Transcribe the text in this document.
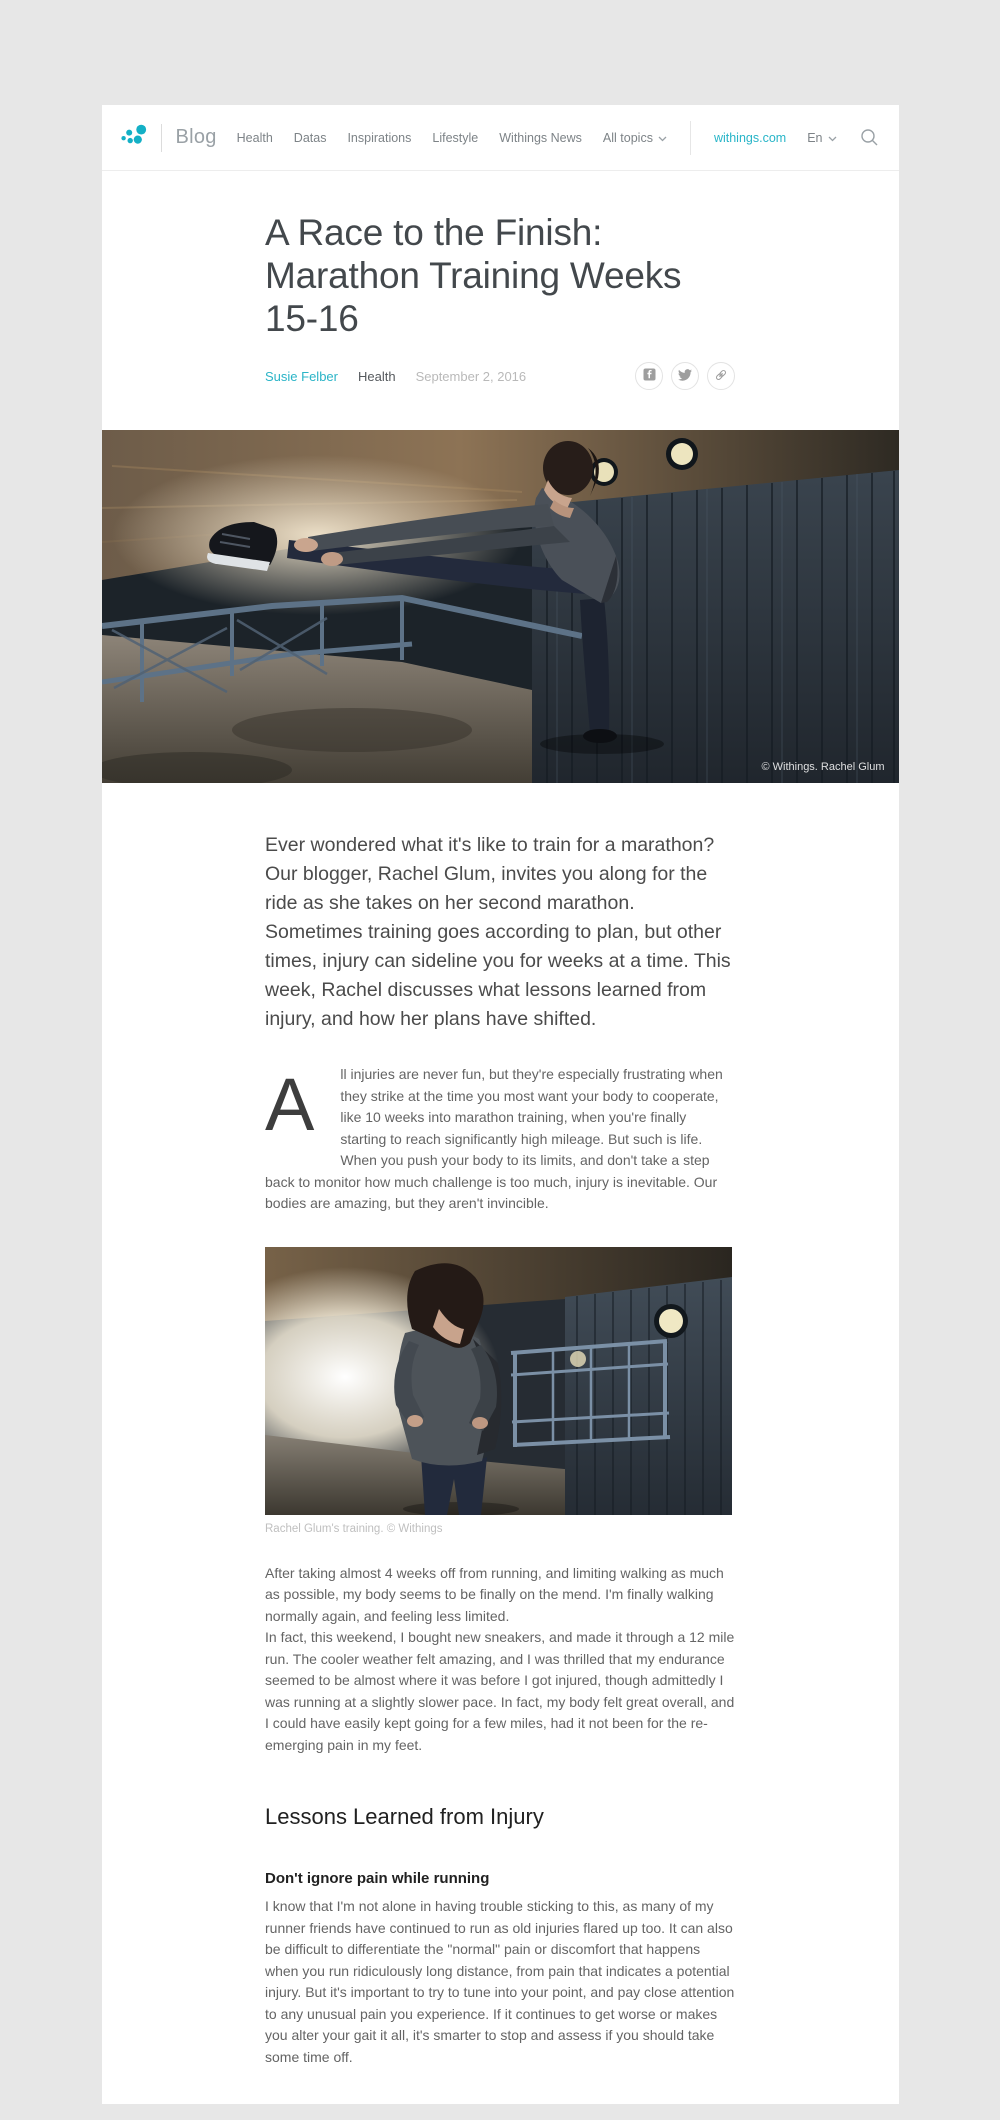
Blog Health Datas Inspirations Lifestyle Withings News All topics	withings.com En
A Race to the Finish: Marathon Training Weeks 15-16
Susie Felber Health September 2, 2016
© Withings. Rachel Glum

Ever wondered what it's like to train for a marathon?
Our blogger, Rachel Glum, invites you along for the ride as she takes on her second marathon. Sometimes training goes according to plan, but other times, injury can sideline you for weeks at a time. This week, Rachel discusses what lessons learned from injury, and how her plans have shifted.

A ll injuries are never fun, but they're especially frustrating when they strike at the time you most want your body to cooperate, like 10 weeks into marathon training, when you're finally starting to reach significantly high mileage. But such is life. When you push your body to its limits, and don't take a step back to monitor how much challenge is too much, injury is inevitable. Our bodies are amazing, but they aren't invincible.

Rachel Glum's training. © Withings

After taking almost 4 weeks off from running, and limiting walking as much as possible, my body seems to be finally on the mend. I'm finally walking normally again, and feeling less limited.
In fact, this weekend, I bought new sneakers, and made it through a 12 mile run. The cooler weather felt amazing, and I was thrilled that my endurance seemed to be almost where it was before I got injured, though admittedly I was running at a slightly slower pace. In fact, my body felt great overall, and I could have easily kept going for a few miles, had it not been for the re-emerging pain in my feet.

Lessons Learned from Injury
Don't ignore pain while running

I know that I'm not alone in having trouble sticking to this, as many of my runner friends have continued to run as old injuries flared up too. It can also be difficult to differentiate the "normal" pain or discomfort that happens when you run ridiculously long distance, from pain that indicates a potential injury. But it's important to try to tune into your point, and pay close attention to any unusual pain you experience. If it continues to get worse or makes you alter your gait it all, it's smarter to stop and assess if you should take some time off.
